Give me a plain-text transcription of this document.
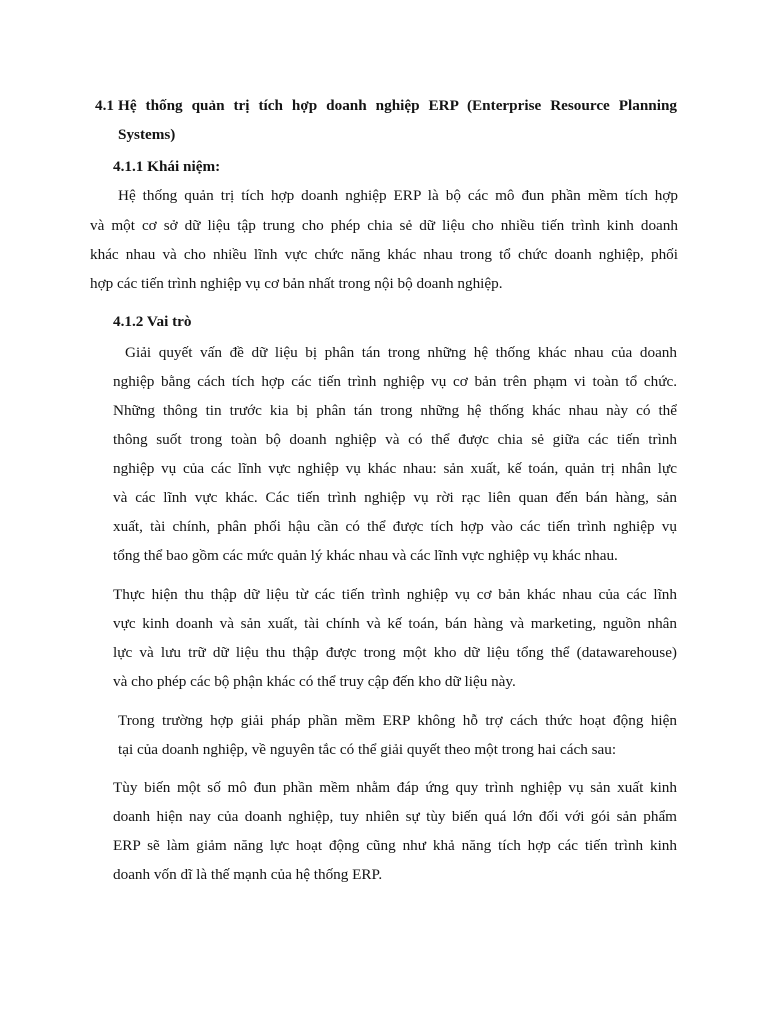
4.1 Hệ thống quản trị tích hợp doanh nghiệp ERP (Enterprise Resource Planning
Systems)
4.1.1 Khái niệm:
Hệ thống quản trị tích hợp doanh nghiệp ERP là bộ các mô đun phần mềm tích hợp
và một cơ sở dữ liệu tập trung cho phép chia sẻ dữ liệu cho nhiều tiến trình kinh doanh
khác nhau và cho nhiều lĩnh vực chức năng khác nhau trong tổ chức doanh nghiệp, phối
hợp các tiến trình nghiệp vụ cơ bản nhất trong nội bộ doanh nghiệp.
4.1.2 Vai trò
Giải quyết vấn đề dữ liệu bị phân tán trong những hệ thống khác nhau của doanh
nghiệp bằng cách tích hợp các tiến trình nghiệp vụ cơ bản trên phạm vi toàn tổ chức.
Những thông tin trước kia bị phân tán trong những hệ thống khác nhau này có thể
thông suốt trong toàn bộ doanh nghiệp và có thể được chia sẻ giữa các tiến trình
nghiệp vụ của các lĩnh vực nghiệp vụ khác nhau: sản xuất, kế toán, quản trị nhân lực
và các lĩnh vực khác. Các tiến trình nghiệp vụ rời rạc liên quan đến bán hàng, sản
xuất, tài chính, phân phối hậu cần có thể được tích hợp vào các tiến trình nghiệp vụ
tổng thể bao gồm các mức quản lý khác nhau và các lĩnh vực nghiệp vụ khác nhau.
Thực hiện thu thập dữ liệu từ các tiến trình nghiệp vụ cơ bản khác nhau của các lĩnh
vực kinh doanh và sản xuất, tài chính và kế toán, bán hàng và marketing, nguồn nhân
lực và lưu trữ dữ liệu thu thập được trong một kho dữ liệu tổng thể (datawarehouse)
và cho phép các bộ phận khác có thể truy cập đến kho dữ liệu này.
Trong trường hợp giải pháp phần mềm ERP không hỗ trợ cách thức hoạt động hiện
tại của doanh nghiệp, về nguyên tắc có thể giải quyết theo một trong hai cách sau:
Tùy biến một số mô đun phần mềm nhằm đáp ứng quy trình nghiệp vụ sản xuất kinh
doanh hiện nay của doanh nghiệp, tuy nhiên sự tùy biến quá lớn đối với gói sản phẩm
ERP sẽ làm giảm năng lực hoạt động cũng như khả năng tích hợp các tiến trình kinh
doanh vốn dĩ là thế mạnh của hệ thống ERP.
